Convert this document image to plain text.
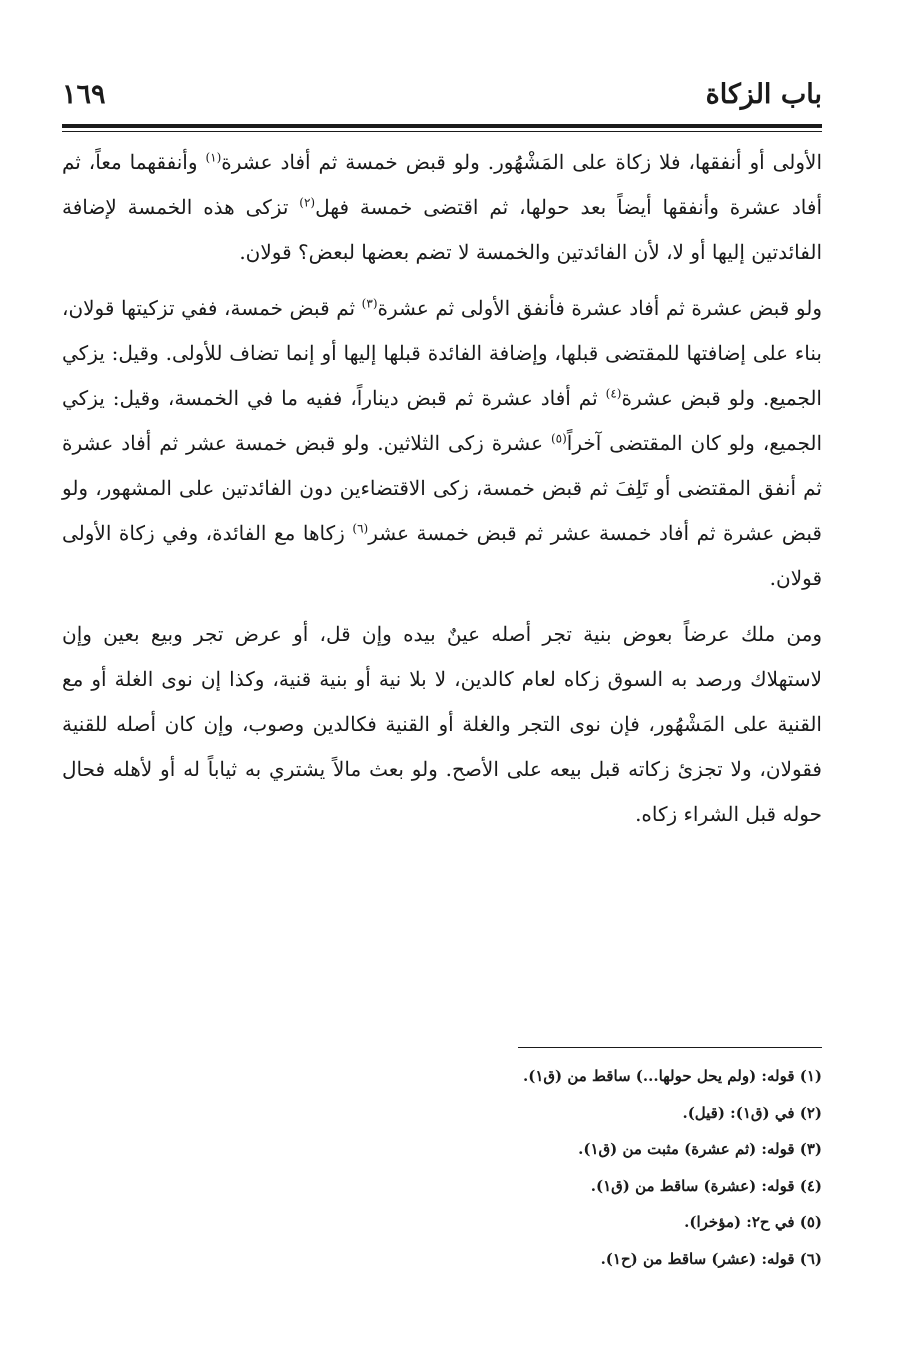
باب الزكاة
١٦٩

الأولى أو أنفقها، فلا زكاة على المَشْهُور. ولو قبض خمسة ثم أفاد عشرة$^{(١)}$ وأنفقهما معاً، ثم أفاد عشرة وأنفقها أيضاً بعد حولها، ثم اقتضى خمسة فهل$^{(٢)}$ تزكى هذه الخمسة لإضافة الفائدتين إليها أو لا، لأن الفائدتين والخمسة لا تضم بعضها لبعض؟ قولان.

ولو قبض عشرة ثم أفاد عشرة فأنفق الأولى ثم عشرة$^{(٣)}$ ثم قبض خمسة، ففي تزكيتها قولان، بناء على إضافتها للمقتضى قبلها، وإضافة الفائدة قبلها إليها أو إنما تضاف للأولى. وقيل: يزكي الجميع. ولو قبض عشرة$^{(٤)}$ ثم أفاد عشرة ثم قبض ديناراً، ففيه ما في الخمسة، وقيل: يزكي الجميع، ولو كان المقتضى آخراً$^{(٥)}$ عشرة زكى الثلاثين. ولو قبض خمسة عشر ثم أفاد عشرة ثم أنفق المقتضى أو تَلِفَ ثم قبض خمسة، زكى الاقتضاءين دون الفائدتين على المشهور، ولو قبض عشرة ثم أفاد خمسة عشر ثم قبض خمسة عشر$^{(٦)}$ زكاها مع الفائدة، وفي زكاة الأولى قولان.

ومن ملك عرضاً بعوض بنية تجر أصله عينٌ بيده وإن قل، أو عرض تجر وبيع بعين وإن لاستهلاك ورصد به السوق زكاه لعام كالدين، لا بلا نية أو بنية قنية، وكذا إن نوى الغلة أو مع القنية على المَشْهُور، فإن نوى التجر والغلة أو القنية فكالدين وصوب، وإن كان أصله للقنية فقولان، ولا تجزئ زكاته قبل بيعه على الأصح. ولو بعث مالاً يشتري به ثياباً له أو لأهله فحال حوله قبل الشراء زكاه.

(١) قوله: (ولم يحل حولها...) ساقط من (ق١).
(٢) في (ق١): (قيل).
(٣) قوله: (ثم عشرة) مثبت من (ق١).
(٤) قوله: (عشرة) ساقط من (ق١).
(٥) في ح٢: (مؤخرا).
(٦) قوله: (عشر) ساقط من (ح١).
